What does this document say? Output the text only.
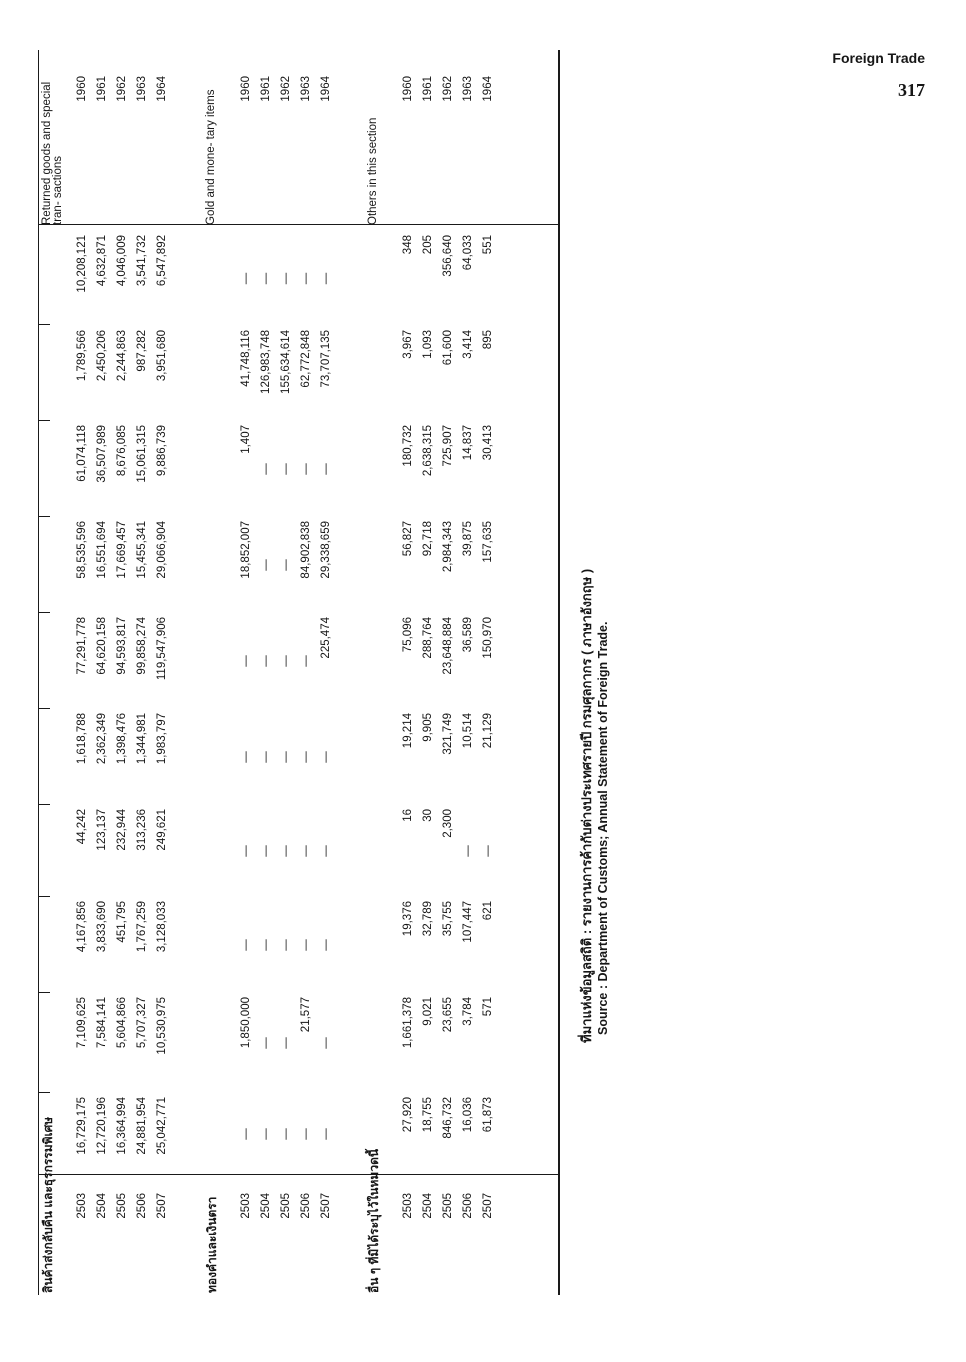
Foreign Trade
317
สินค้าส่งกลับคืน และธุรกรรมพิเศษ
Returned goods and special tran- sactions
2503
16,729,175
7,109,625
4,167,856
44,242
1,618,788
77,291,778
58,535,596
61,074,118
1,789,566
10,208,121
1960
2504
12,720,196
7,584,141
3,833,690
123,137
2,362,349
64,620,158
16,551,694
36,507,989
2,450,206
4,632,871
1961
2505
16,364,994
5,604,866
451,795
232,944
1,398,476
94,593,817
17,669,457
8,676,085
2,244,863
4,046,009
1962
2506
24,881,954
5,707,327
1,767,259
313,236
1,344,981
99,858,274
15,455,341
15,061,315
987,282
3,541,732
1963
2507
25,042,771
10,530,975
3,128,033
249,621
1,983,797
119,547,906
29,066,904
9,886,739
3,951,680
6,547,892
1964
ทองคำและเงินตรา
Gold and mone- tary items
2503
—
1,850,000
—
—
—
—
18,852,007
1,407
41,748,116
—
1960
2504
—
—
—
—
—
—
—
—
126,983,748
—
1961
2505
—
—
—
—
—
—
—
—
155,634,614
—
1962
2506
—
21,577
—
—
—
—
84,902,838
—
62,772,848
—
1963
2507
—
—
—
—
—
225,474
29,338,659
—
73,707,135
—
1964
อื่น ๆ ที่มิได้ระบุไว้ในหมวดนี้
Others in this section
2503
27,920
1,661,378
19,376
16
19,214
75,096
56,827
180,732
3,967
348
1960
2504
18,755
9,021
32,789
30
9,905
288,764
92,718
2,638,315
1,093
205
1961
2505
846,732
23,655
35,755
2,300
321,749
23,648,884
2,984,343
725,907
61,600
356,640
1962
2506
16,036
3,784
107,447
—
10,514
36,589
39,875
14,837
3,414
64,033
1963
2507
61,873
571
621
—
21,129
150,970
157,635
30,413
895
551
1964
ที่มาแห่งข้อมูลสถิติ : รายงานการค้ากับต่างประเทศรายปี กรมศุลกากร ( ภาษาอังกฤษ ) Source : Department of Customs; Annual Statement of Foreign Trade.
